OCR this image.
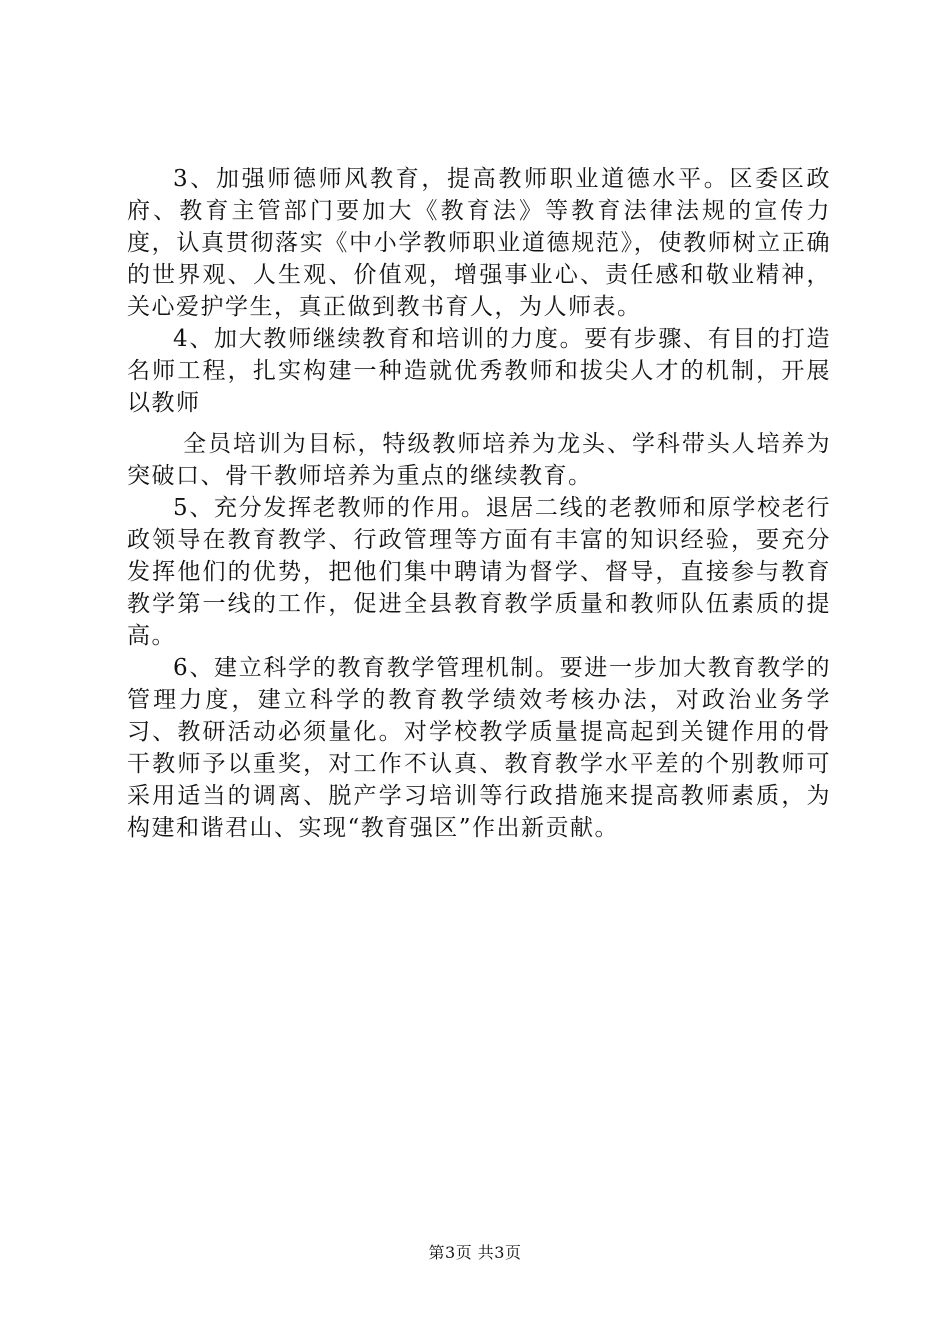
3、加强师德师风教育，提高教师职业道德水平。区委区政府、教育主管部门要加大《教育法》等教育法律法规的宣传力度，认真贯彻落实《中小学教师职业道德规范》，使教师树立正确的世界观、人生观、价值观，增强事业心、责任感和敬业精神，关心爱护学生，真正做到教书育人，为人师表。

4、加大教师继续教育和培训的力度。要有步骤、有目的打造名师工程，扎实构建一种造就优秀教师和拔尖人才的机制，开展以教师

全员培训为目标，特级教师培养为龙头、学科带头人培养为突破口、骨干教师培养为重点的继续教育。

5、充分发挥老教师的作用。退居二线的老教师和原学校老行政领导在教育教学、行政管理等方面有丰富的知识经验，要充分发挥他们的优势，把他们集中聘请为督学、督导，直接参与教育教学第一线的工作，促进全县教育教学质量和教师队伍素质的提高。

6、建立科学的教育教学管理机制。要进一步加大教育教学的管理力度，建立科学的教育教学绩效考核办法，对政治业务学习、教研活动必须量化。对学校教学质量提高起到关键作用的骨干教师予以重奖，对工作不认真、教育教学水平差的个别教师可采用适当的调离、脱产学习培训等行政措施来提高教师素质，为构建和谐君山、实现“教育强区”作出新贡献。

第3页 共3页
